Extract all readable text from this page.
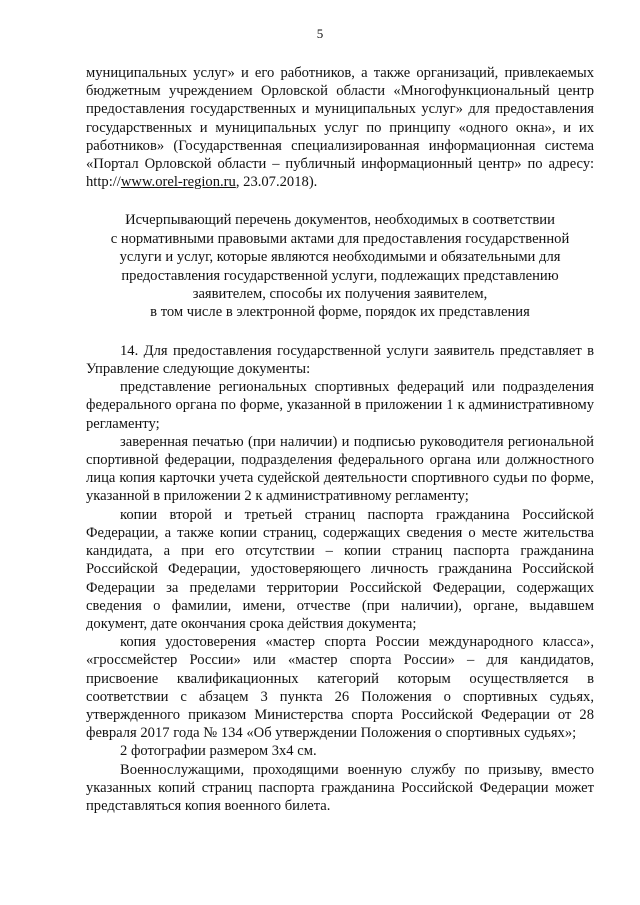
5

муниципальных услуг» и его работников, а также организаций, привлекаемых бюджетным учреждением Орловской области «Многофункциональный центр предоставления государственных и муниципальных услуг» для предоставления государственных и муниципальных услуг по принципу «одного окна», и их работников» (Государственная специализированная информационная система «Портал Орловской области – публичный информационный центр» по адресу: http://www.orel-region.ru, 23.07.2018).

Исчерпывающий перечень документов, необходимых в соответствии

с нормативными правовыми актами для предоставления государственной

услуги и услуг, которые являются необходимыми и обязательными для

предоставления государственной услуги, подлежащих представлению

заявителем, способы их получения заявителем,

в том числе в электронной форме, порядок их представления

14. Для предоставления государственной услуги заявитель представляет в Управление следующие документы:

представление региональных спортивных федераций или подразделения федерального органа по форме, указанной в приложении 1 к административному регламенту;

заверенная печатью (при наличии) и подписью руководителя региональной спортивной федерации, подразделения федерального органа или должностного лица копия карточки учета судейской деятельности спортивного судьи по форме, указанной в приложении 2 к административному регламенту;

копии второй и третьей страниц паспорта гражданина Российской Федерации, а также копии страниц, содержащих сведения о месте жительства кандидата, а при его отсутствии – копии страниц паспорта гражданина Российской Федерации, удостоверяющего личность гражданина Российской Федерации за пределами территории Российской Федерации, содержащих сведения о фамилии, имени, отчестве (при наличии), органе, выдавшем документ, дате окончания срока действия документа;

копия удостоверения «мастер спорта России международного класса», «гроссмейстер России» или «мастер спорта России» – для кандидатов, присвоение квалификационных категорий которым осуществляется в соответствии с абзацем 3 пункта 26 Положения о спортивных судьях, утвержденного приказом Министерства спорта Российской Федерации от 28 февраля 2017 года № 134 «Об утверждении Положения о спортивных судьях»;

2 фотографии размером 3х4 см.

Военнослужащими, проходящими военную службу по призыву, вместо указанных копий страниц паспорта гражданина Российской Федерации может представляться копия военного билета.
